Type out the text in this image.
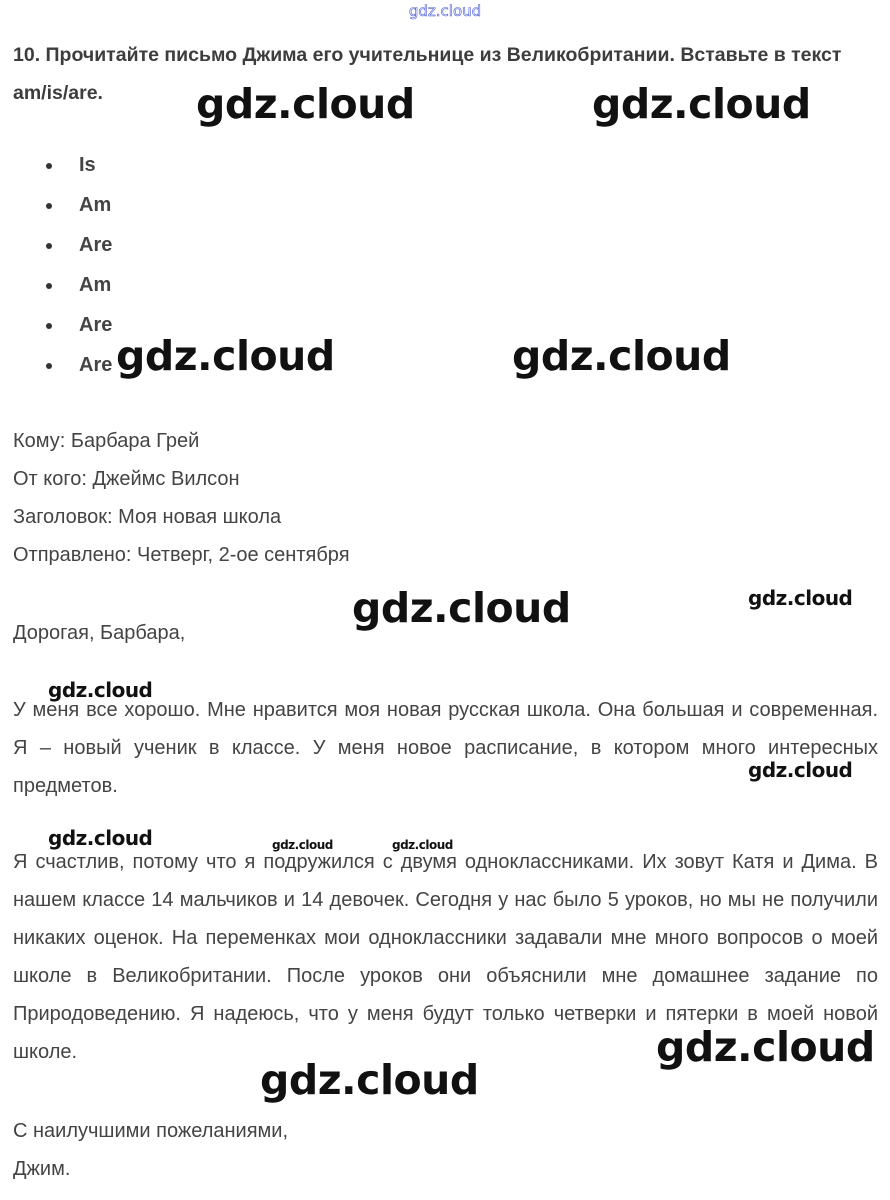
gdz.cloud
10. Прочитайте письмо Джима его учительнице из Великобритании. Вставьте в текст am/is/are.
Is
Am
Are
Am
Are
Are
Кому: Барбара Грей
От кого: Джеймс Вилсон
Заголовок: Моя новая школа
Отправлено: Четверг, 2-ое сентября

Дорогая, Барбара,

У меня все хорошо. Мне нравится моя новая русская школа. Она большая и современная. Я – новый ученик в классе. У меня новое расписание, в котором много интересных предметов.

Я счастлив, потому что я подружился с двумя одноклассниками. Их зовут Катя и Дима. В нашем классе 14 мальчиков и 14 девочек. Сегодня у нас было 5 уроков, но мы не получили никаких оценок. На переменках мои одноклассники задавали мне много вопросов о моей школе в Великобритании. После уроков они объяснили мне домашнее задание по Природоведению. Я надеюсь, что у меня будут только четверки и пятерки в моей новой школе.

С наилучшими пожеланиями,
Джим.
gdz.cloud	gdz.cloud
gdz.cloud	gdz.cloud
gdz.cloud	gdz.cloud
gdz.cloud
gdz.cloud
gdz.cloud	gdz.cloud	gdz.cloud
gdz.cloud
gdz.cloud
